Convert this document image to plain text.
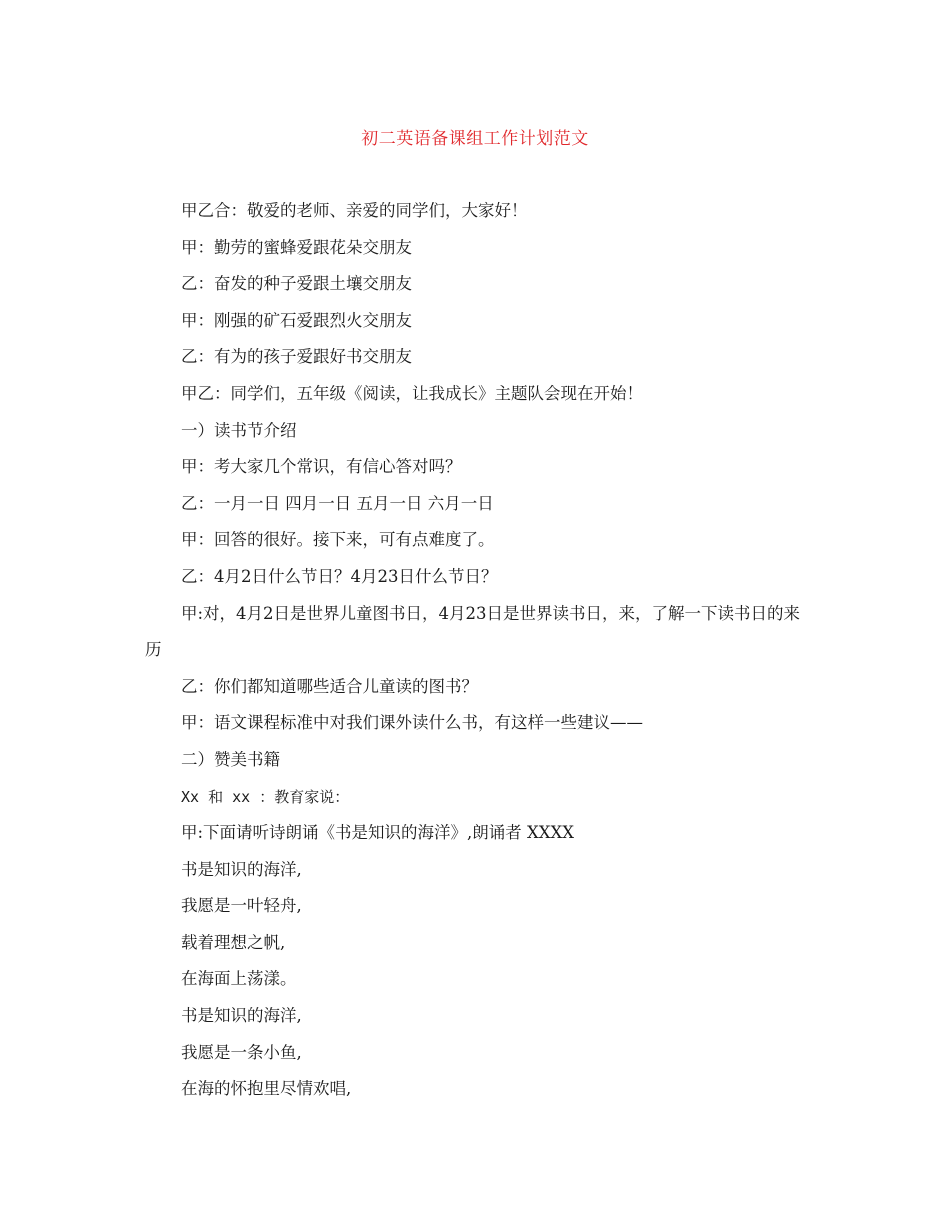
初二英语备课组工作计划范文
甲乙合：敬爱的老师、亲爱的同学们，大家好！
甲：勤劳的蜜蜂爱跟花朵交朋友
乙：奋发的种子爱跟土壤交朋友
甲：刚强的矿石爱跟烈火交朋友
乙：有为的孩子爱跟好书交朋友
甲乙：同学们，五年级《阅读，让我成长》主题队会现在开始！
一）读书节介绍
甲：考大家几个常识，有信心答对吗？
乙：一月一日 四月一日 五月一日 六月一日
甲：回答的很好。接下来，可有点难度了。
乙：4月2日什么节日？4月23日什么节日？
甲:对，4月2日是世界儿童图书日，4月23日是世界读书日，来，了解一下读书日的来历
乙：你们都知道哪些适合儿童读的图书？
甲：语文课程标准中对我们课外读什么书，有这样一些建议——
二）赞美书籍
Xx 和 xx ：教育家说：
甲:下面请听诗朗诵《书是知识的海洋》,朗诵者 XXXX
书是知识的海洋,
我愿是一叶轻舟,
载着理想之帆,
在海面上荡漾。
书是知识的海洋,
我愿是一条小鱼,
在海的怀抱里尽情欢唱,
